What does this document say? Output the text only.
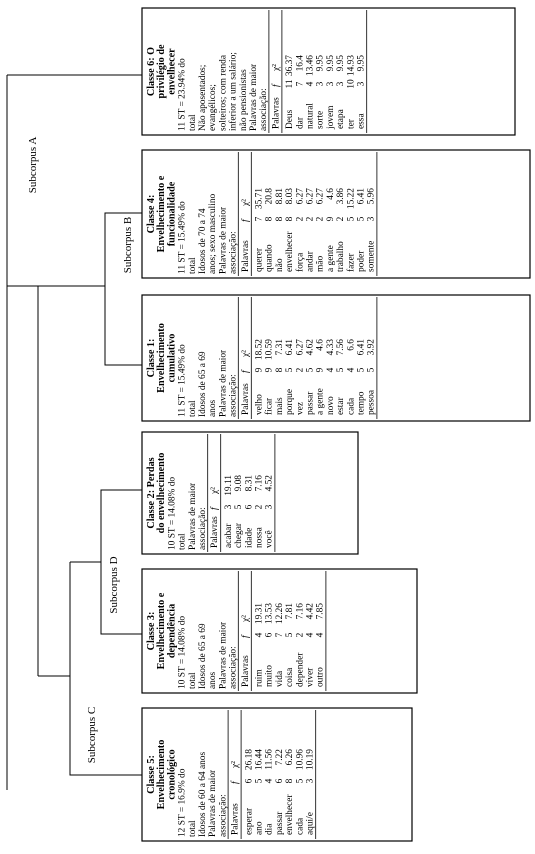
Subcorpus A
Subcorpus B
Subcorpus C
Subcorpus D
Classe 6: O privilégio de envelhecer 11 ST = 23.94% do total Não aposentados; evangélicos; solteiros; com renda inferior a um salário; não pensionistas Palavras de maior associação: Palavras
f
χ²
Deus
11
36.37
dar
7
16.4
natural
4
13.46
sorte
3
9.95
jovem
3
9.95
etapa
3
9.95
ter
10
14.93
essa
3
9.95
Classe 4: Envelhecimento e funcionalidade 11 ST = 15.49% do total Idosos de 70 a 74 anos; sexo masculino Palavras de maior associação: Palavras
f
χ²
querer
7
35.71
quando
8
20.8
não
8
8.81
envelhecer
8
8.03
força
2
6.27
andar
2
6.27
mão
2
6.27
a gente
9
4.6
trabalho
2
3.86
fazer
5
15.22
poder
5
6.41
somente
3
5.96
Classe 1: Envelhecimento cumulativo 11 ST = 15.49% do total Idosos de 65 a 69 anos Palavras de maior associação: Palavras
f
χ²
velho
9
18.52
ficar
9
10.59
mais
8
7.31
porque
5
6.41
vez
2
6.27
passar
5
4.62
a gente
9
4.6
novo
4
4.33
estar
5
7.56
cada
4
6.6
tempo
5
6.41
pessoa
5
3.92
Classe 2: Perdas do envelhecimento 10 ST = 14.08% do total Palavras de maior associação: Palavras
f
χ²
acabar
3
19.11
chegar
5
9.08
idade
6
8.31
nossa
2
7.16
você
3
4.52
Classe 3: Envelhecimento e dependência 10 ST = 14.08% do total Idosos de 65 a 69 anos Palavras de maior associação: Palavras
f
χ²
ruim
4
19.31
muito
6
13.53
vida
7
12.26
coisa
5
7.81
depender
2
7.16
viver
4
4.42
outro
4
7.85
Classe 5: Envelhecimento cronológico 12 ST = 16.9% do total Idosos de 60 a 64 anos Palavras de maior associação: Palavras
f
χ²
esperar
6
26.18
ano
5
16.44
dia
4
11.56
passar
6
7.22
envelhecer
8
6.26
cada
5
10.96
aqui/e
3
10.19
